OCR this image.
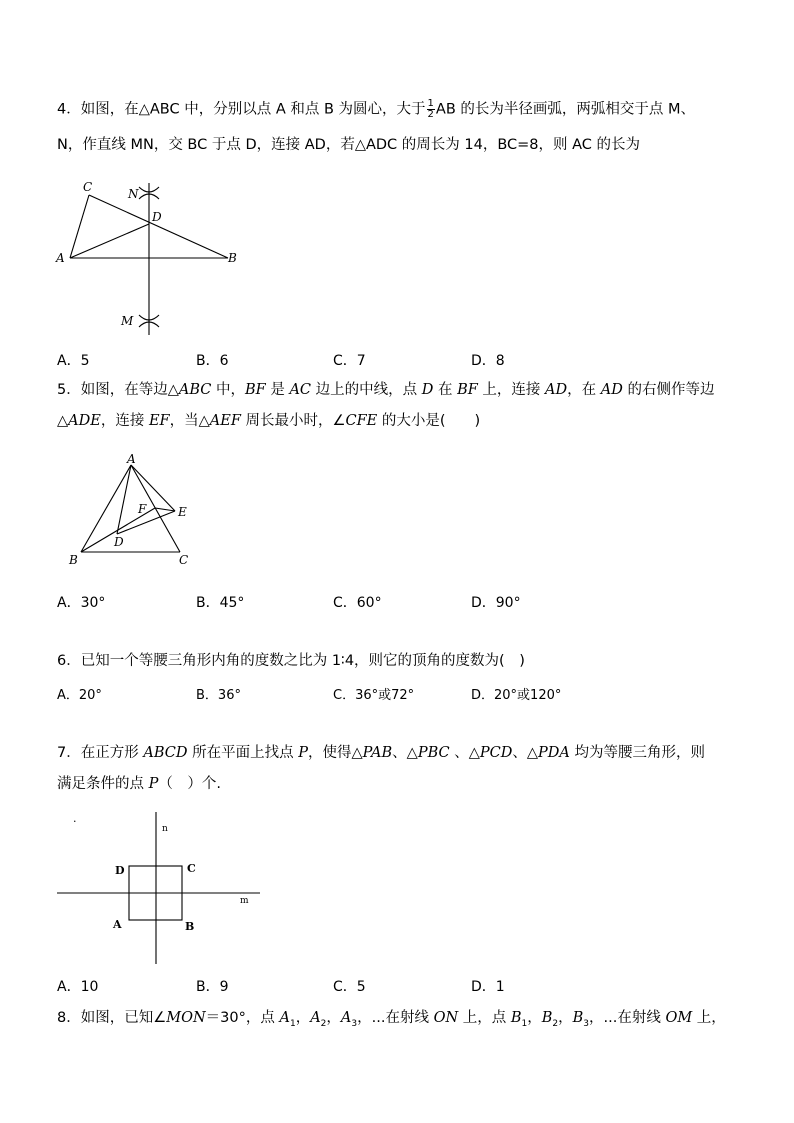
4．如图，在△ABC 中，分别以点 A 和点 B 为圆心，大于 $\frac{1}{2}$ AB 的长为半径画弧，两弧相交于点 M、
N，作直线 MN，交 BC 于点 D，连接 AD，若△ADC 的周长为 14，BC=8，则 AC 的长为
C	N
D
A	B
M
A．5	B．6	C．7	D．8
5．如图，在等边△ABC 中，BF 是 AC 边上的中线，点 D 在 BF 上，连接 AD，在 AD 的右侧作等边
△ADE，连接 EF，当△AEF 周长最小时，∠CFE 的大小是(　　)
A
F	E
D
B	C
A．30°	B．45°	C．60°	D．90°
6．已知一个等腰三角形内角的度数之比为 1∶4，则它的顶角的度数为(　)
A．20°	B．36°	C．36°或72°	D．20°或120°
7．在正方形 ABCD 所在平面上找点 P，使得△PAB、△PBC 、△PCD、△PDA 均为等腰三角形，则
满足条件的点 P（　）个.
.
n
m
D	C
A	B
A．10	B．9	C．5	D．1
8．如图，已知∠MON＝30°，点 $A_1$，$A_2$，$A_3$，...在射线 ON 上，点 $B_1$，$B_2$，$B_3$，...在射线 OM 上，
